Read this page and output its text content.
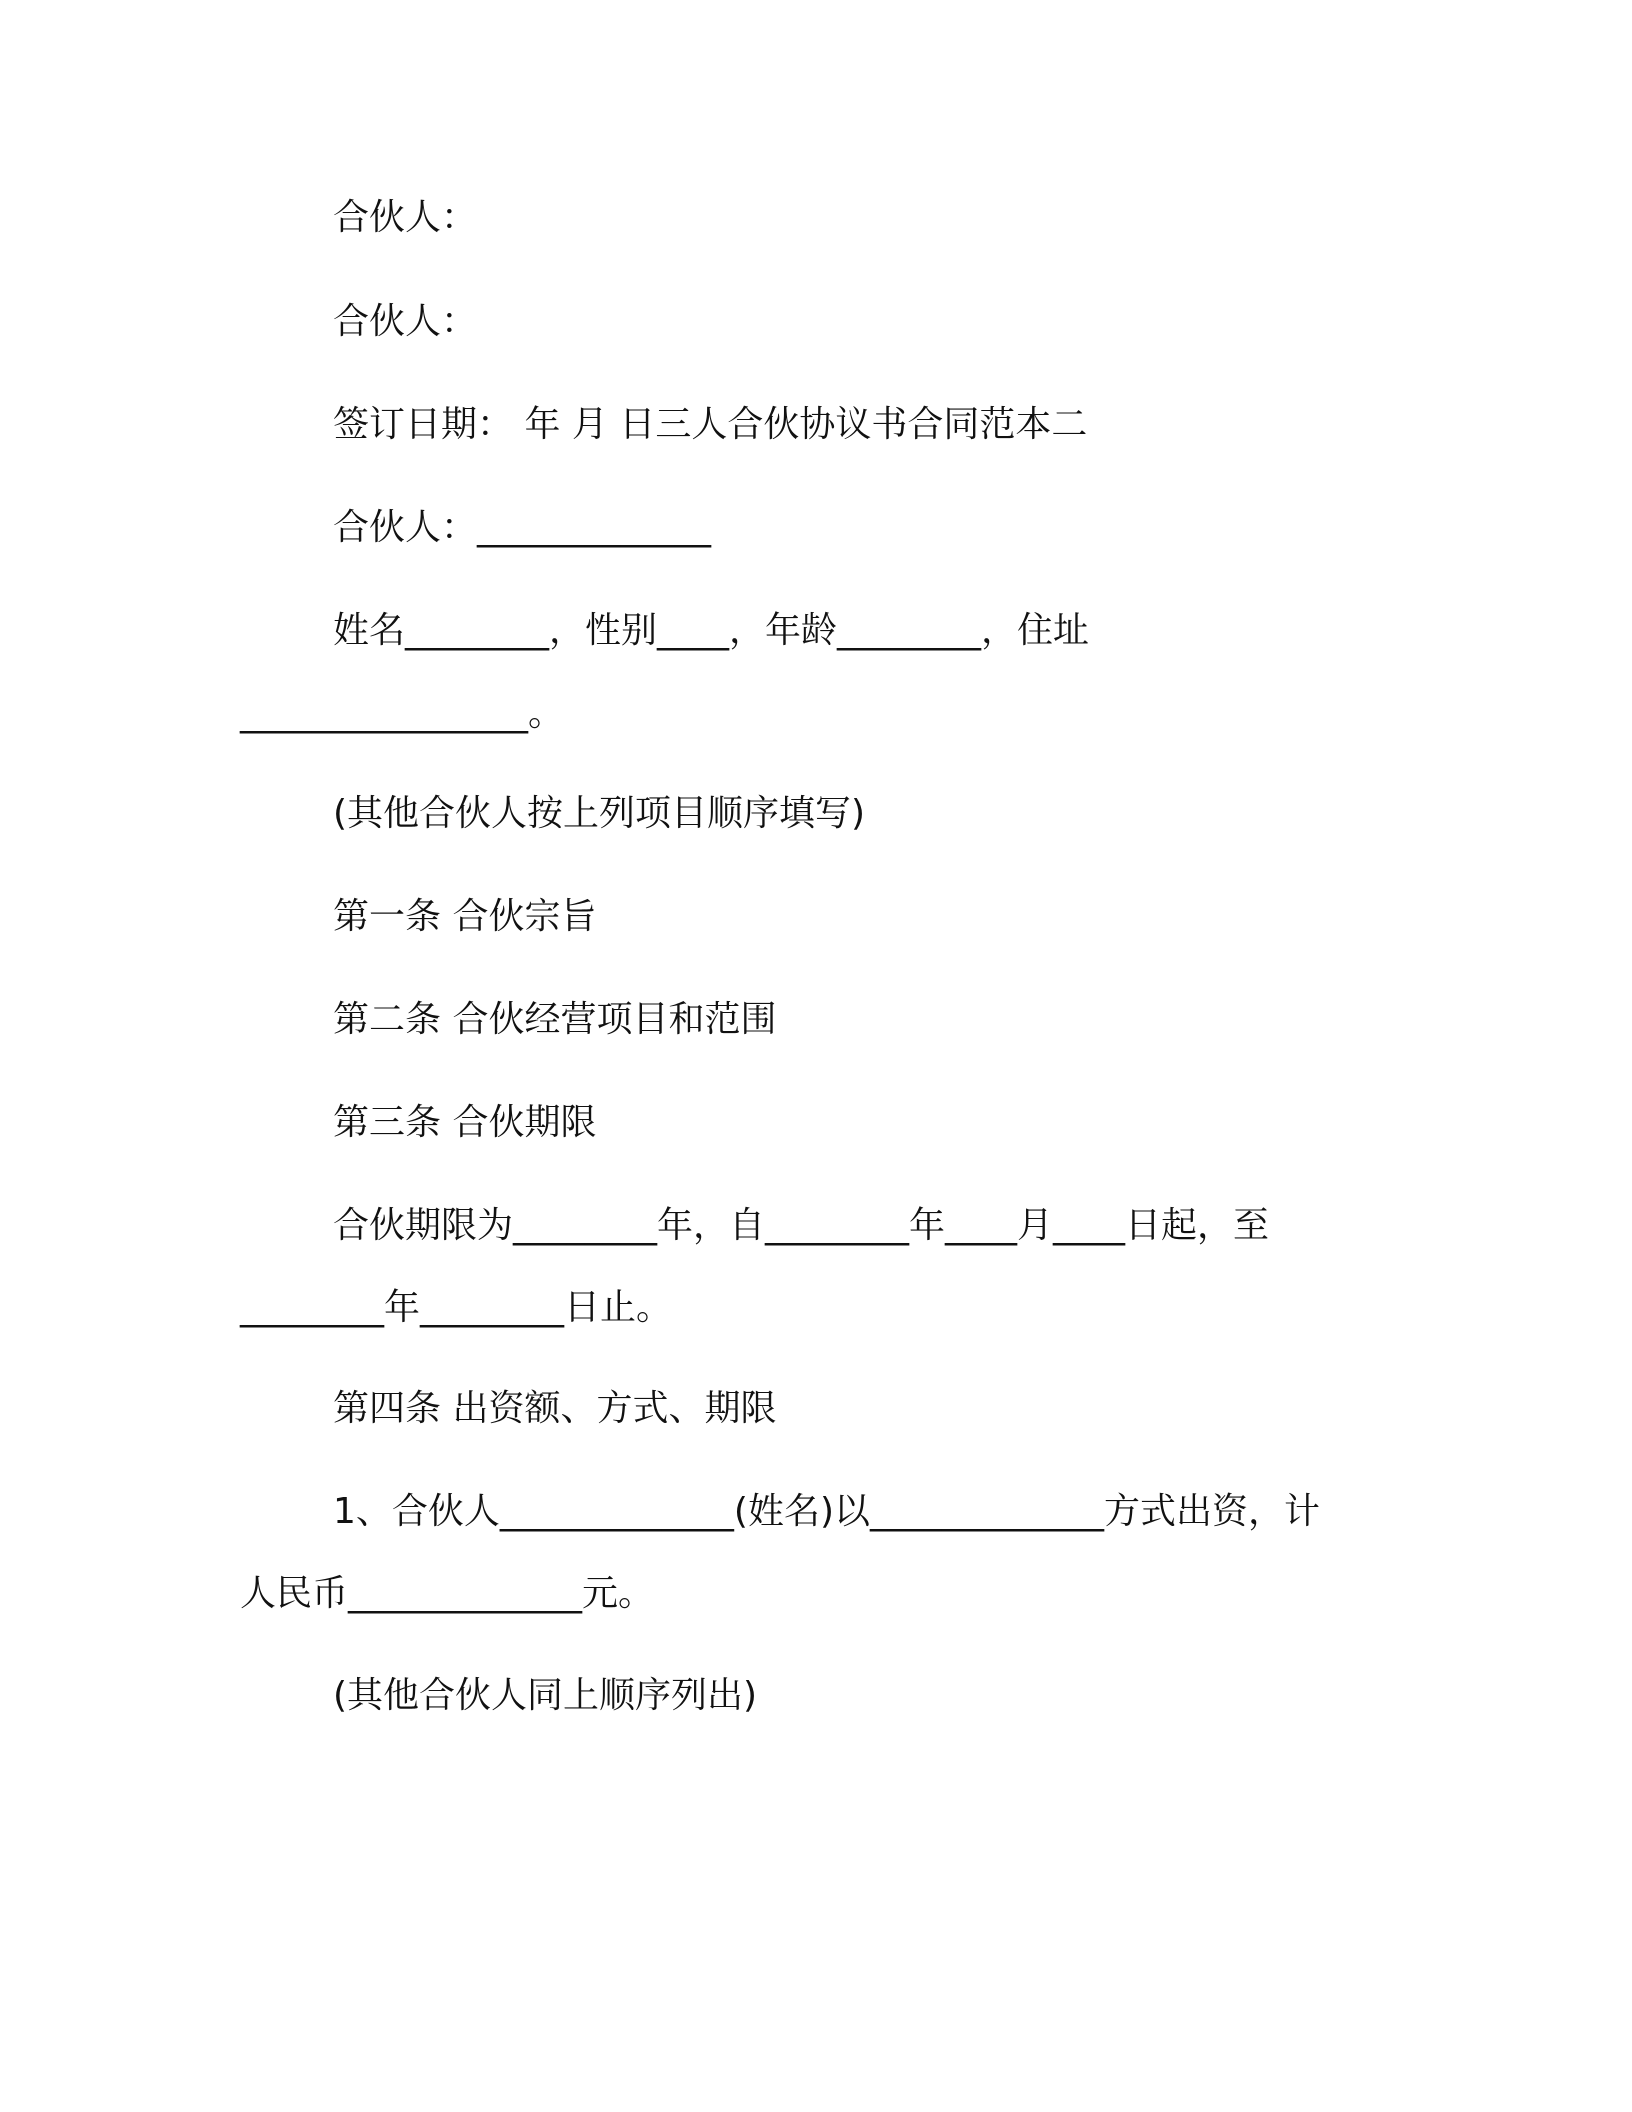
合伙人：
合伙人：
签订日期： 年 月 日三人合伙协议书合同范本二
合伙人：_____________
姓名________，性别____，年龄________，住址
________________。
(其他合伙人按上列项目顺序填写)
第一条 合伙宗旨
第二条 合伙经营项目和范围
第三条 合伙期限
合伙期限为________年，自________年____月____日起，至
________年________日止。
第四条 出资额、方式、期限
1、合伙人_____________(姓名)以_____________方式出资，计
人民币_____________元。
(其他合伙人同上顺序列出)
